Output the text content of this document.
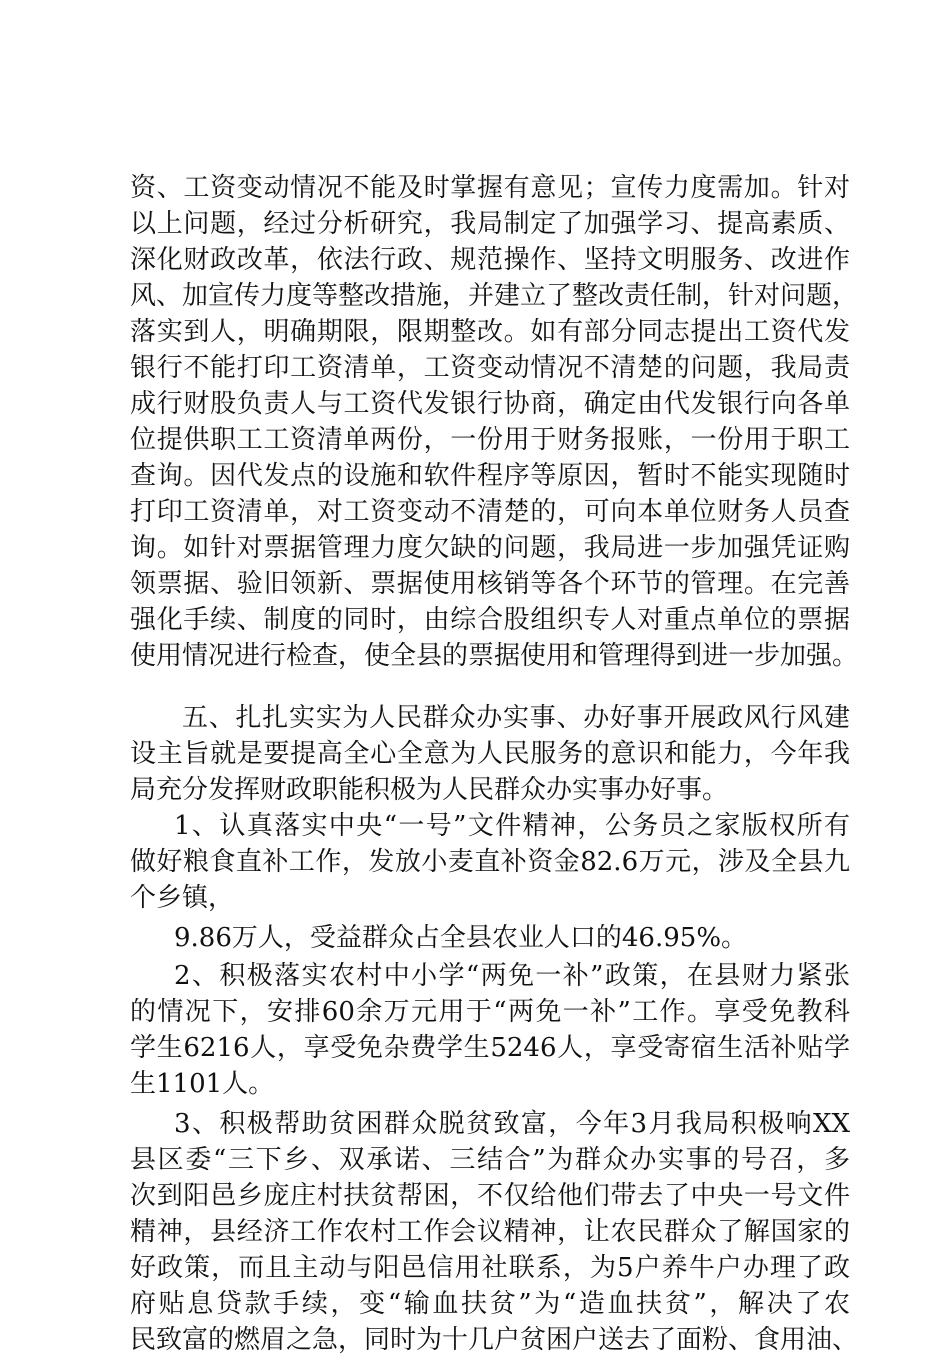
资、工资变动情况不能及时掌握有意见；宣传力度需加。针对
以上问题，经过分析研究，我局制定了加强学习、提高素质、
深化财政改革，依法行政、规范操作、坚持文明服务、改进作
风、加宣传力度等整改措施，并建立了整改责任制，针对问题，
落实到人，明确期限，限期整改。如有部分同志提出工资代发
银行不能打印工资清单，工资变动情况不清楚的问题，我局责
成行财股负责人与工资代发银行协商，确定由代发银行向各单
位提供职工工资清单两份，一份用于财务报账，一份用于职工
查询。因代发点的设施和软件程序等原因，暂时不能实现随时
打印工资清单，对工资变动不清楚的，可向本单位财务人员查
询。如针对票据管理力度欠缺的问题，我局进一步加强凭证购
领票据、验旧领新、票据使用核销等各个环节的管理。在完善
强化手续、制度的同时，由综合股组织专人对重点单位的票据
使用情况进行检查，使全县的票据使用和管理得到进一步加强。
五、扎扎实实为人民群众办实事、办好事开展政风行风建
设主旨就是要提高全心全意为人民服务的意识和能力，今年我
局充分发挥财政职能积极为人民群众办实事办好事。
1、认真落实中央“一号”文件精神，公务员之家版权所有
做好粮食直补工作，发放小麦直补资金82.6万元，涉及全县九
个乡镇，
9.86万人，受益群众占全县农业人口的46.95%。
2、积极落实农村中小学“两免一补”政策，在县财力紧张
的情况下，安排60余万元用于“两免一补”工作。享受免教科
学生6216人，享受免杂费学生5246人，享受寄宿生活补贴学
生1101人。
3、积极帮助贫困群众脱贫致富，今年3月我局积极响XX
县区委“三下乡、双承诺、三结合”为群众办实事的号召，多
次到阳邑乡庞庄村扶贫帮困，不仅给他们带去了中央一号文件
精神，县经济工作农村工作会议精神，让农民群众了解国家的
好政策，而且主动与阳邑信用社联系，为5户养牛户办理了政
府贴息贷款手续，变“输血扶贫”为“造血扶贫”，解决了农
民致富的燃眉之急，同时为十几户贫困户送去了面粉、食用油、
